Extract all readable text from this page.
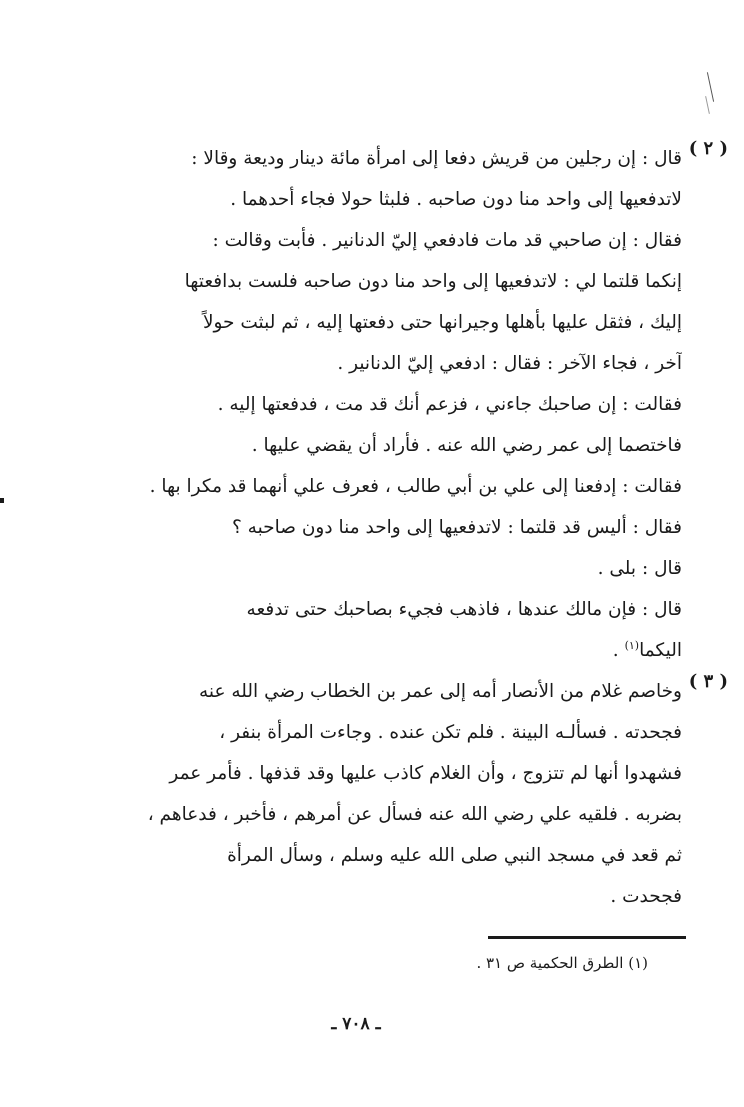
( ٢ )
قال : إن رجلين من قريش دفعا إلى امرأة مائة دينار وديعة وقالا :
لاتدفعيها إلى واحد منا دون صاحبه . فلبثا حولا فجاء أحدهما .
فقال : إن صاحبي قد مات فادفعي إليّ الدنانير . فأبت وقالت :
إنكما قلتما لي : لاتدفعيها إلى واحد منا دون صاحبه فلست بدافعتها
إليك ، فثقل عليها بأهلها وجيرانها حتى دفعتها إليه ، ثم لبثت حولاً
آخر ، فجاء الآخر : فقال : ادفعي إليّ الدنانير .
فقالت : إن صاحبك جاءني ، فزعم أنك قد مت ، فدفعتها إليه .
فاختصما إلى عمر رضي الله عنه . فأراد أن يقضي عليها .
فقالت : إدفعنا إلى علي بن أبي طالب ، فعرف علي أنهما قد مكرا بها .
فقال : أليس قد قلتما : لاتدفعيها إلى واحد منا دون صاحبه ؟
قال : بلى .
قال : فإن مالك عندها ، فاذهب فجيء بصاحبك حتى تدفعه
اليكما$^{(١)}$ .
( ٣ )
وخاصم غلام من الأنصار أمه إلى عمر بن الخطاب رضي الله عنه
فجحدته . فسألـه البينة . فلم تكن عنده . وجاءت المرأة بنفر ،
فشهدوا أنها لم تتزوج ، وأن الغلام كاذب عليها وقد قذفها . فأمر عمر
بضربه . فلقيه علي رضي الله عنه فسأل عن أمرهم ، فأخبر ، فدعاهم ،
ثم قعد في مسجد النبي صلى الله عليه وسلم ، وسأل المرأة
فجحدت .
(١) الطرق الحكمية ص ٣١ .
ـ ٧٠٨ ـ
